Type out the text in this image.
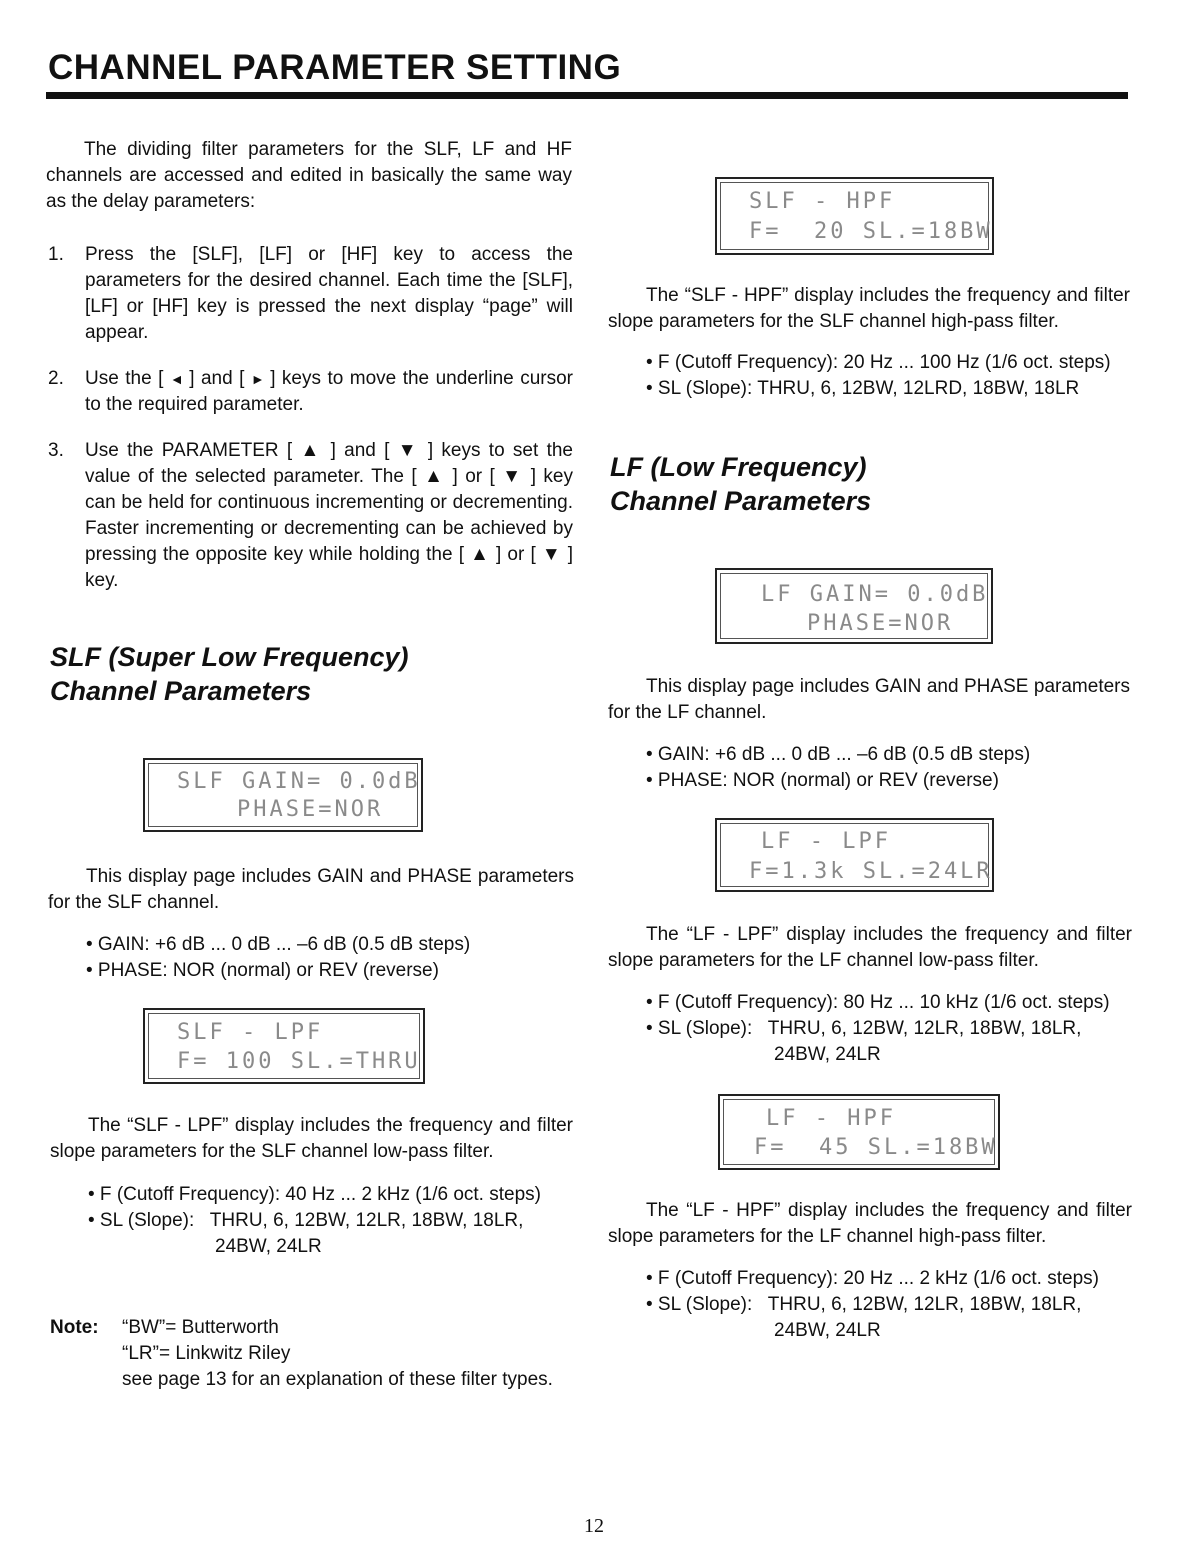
CHANNEL PARAMETER SETTING

The dividing filter parameters for the SLF, LF and HF channels are accessed and edited in basically the same way as the delay parameters:

1. Press the [SLF], [LF] or [HF] key to access the parameters for the desired channel. Each time the [SLF], [LF] or [HF] key is pressed the next display “page” will appear.
2. Use the [ ◄ ] and [ ► ] keys to move the underline cursor to the required parameter.
3. Use the PARAMETER [ ▲ ] and [ ▼ ] keys to set the value of the selected parameter. The [ ▲ ] or [ ▼ ] key can be held for continuous incrementing or decrementing. Faster incrementing or decrementing can be achieved by pressing the opposite key while holding the [ ▲ ] or [ ▼ ] key.

SLF (Super Low Frequency)

Channel Parameters

SLF GAIN= 0.0dB
PHASE=NOR

This display page includes GAIN and PHASE parameters for the SLF channel.

• GAIN: +6 dB ... 0 dB ... –6 dB (0.5 dB steps)
• PHASE: NOR (normal) or REV (reverse)
SLF - LPF
F= 100 SL.=THRU

The “SLF - LPF” display includes the frequency and filter slope parameters for the SLF channel low-pass filter.

• F (Cutoff Frequency): 40 Hz ... 2 kHz (1/6 oct. steps)
• SL (Slope):   THRU, 6, 12BW, 12LR, 18BW, 18LR,
24BW, 24LR
Note: “BW”= Butterworth
“LR”= Linkwitz Riley
see page 13 for an explanation of these filter types.
SLF - HPF
F=  20 SL.=18BW

The “SLF - HPF” display includes the frequency and filter slope parameters for the SLF channel high-pass filter.

• F (Cutoff Frequency): 20 Hz ... 100 Hz (1/6 oct. steps)
• SL (Slope): THRU, 6, 12BW, 12LRD, 18BW, 18LR

LF (Low Frequency)

Channel Parameters

LF GAIN= 0.0dB
PHASE=NOR

This display page includes GAIN and PHASE parameters for the LF channel.

• GAIN: +6 dB ... 0 dB ... –6 dB (0.5 dB steps)
• PHASE: NOR (normal) or REV (reverse)
LF - LPF
F=1.3k SL.=24LR

The “LF - LPF” display includes the frequency and filter slope parameters for the LF channel low-pass filter.

• F (Cutoff Frequency): 80 Hz ... 10 kHz (1/6 oct. steps)
• SL (Slope):   THRU, 6, 12BW, 12LR, 18BW, 18LR,
24BW, 24LR
LF - HPF
F=  45 SL.=18BW

The “LF - HPF” display includes the frequency and filter slope parameters for the LF channel high-pass filter.

• F (Cutoff Frequency): 20 Hz ... 2 kHz (1/6 oct. steps)
• SL (Slope):   THRU, 6, 12BW, 12LR, 18BW, 18LR,
24BW, 24LR
12
